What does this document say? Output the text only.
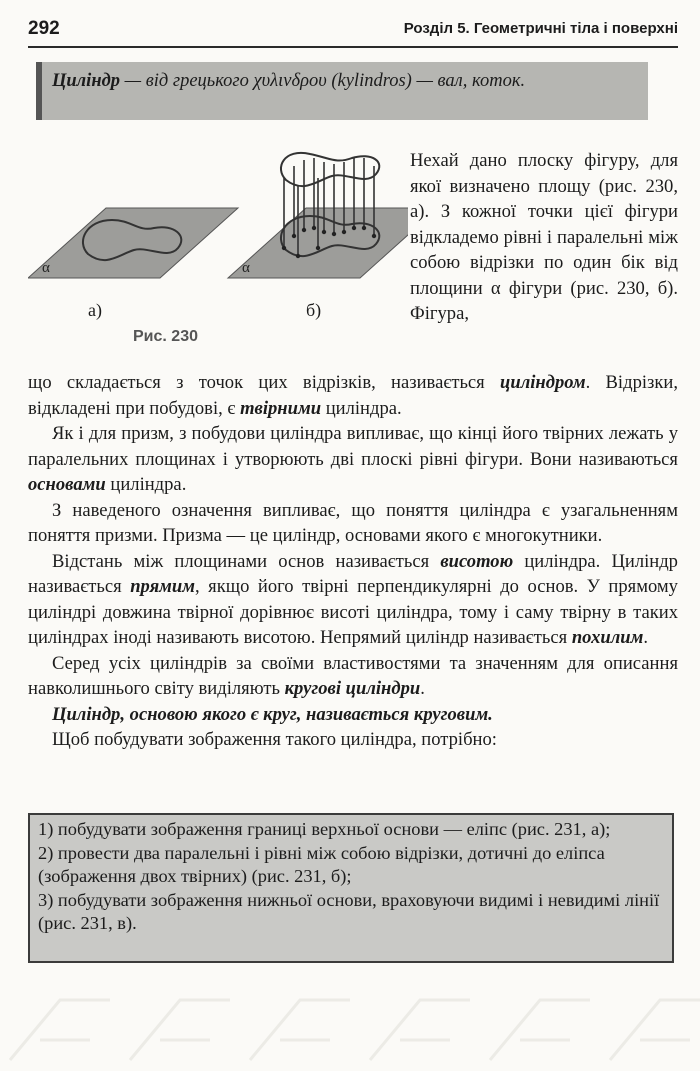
292	Розділ 5. Геометричні тіла і поверхні
Циліндр — від грецького χυλινδρου (kylindros) — вал, коток.
α	α
а)	б)
Рис. 230
Нехай дано плоску фігуру, для якої визначено площу (рис. 230, а). З кожної точки цієї фігури відкладемо рівні і паралельні між собою відрізки по один бік від площини α фігури (рис. 230, б). Фігура,

що складається з точок цих відрізків, називається циліндром. Відрізки, відкладені при побудові, є твірними циліндра.

Як і для призм, з побудови циліндра випливає, що кінці його твірних лежать у паралельних площинах і утворюють дві плоскі рівні фігури. Вони називаються основами циліндра.

З наведеного означення випливає, що поняття циліндра є узагальненням поняття призми. Призма — це циліндр, основами якого є многокутники.

Відстань між площинами основ називається висотою циліндра. Циліндр називається прямим, якщо його твірні перпендикулярні до основ. У прямому циліндрі довжина твірної дорівнює висоті циліндра, тому і саму твірну в таких циліндрах іноді називають висотою. Непрямий циліндр називається похилим.

Серед усіх циліндрів за своїми властивостями та значенням для описання навколишнього світу виділяють кругові циліндри.

Циліндр, основою якого є круг, називається круговим.

Щоб побудувати зображення такого циліндра, потрібно:

1) побудувати зображення границі верхньої основи — еліпс (рис. 231, а);

2) провести два паралельні і рівні між собою відрізки, дотичні до еліпса (зображення двох твірних) (рис. 231, б);

3) побудувати зображення нижньої основи, враховуючи видимі і невидимі лінії (рис. 231, в).
